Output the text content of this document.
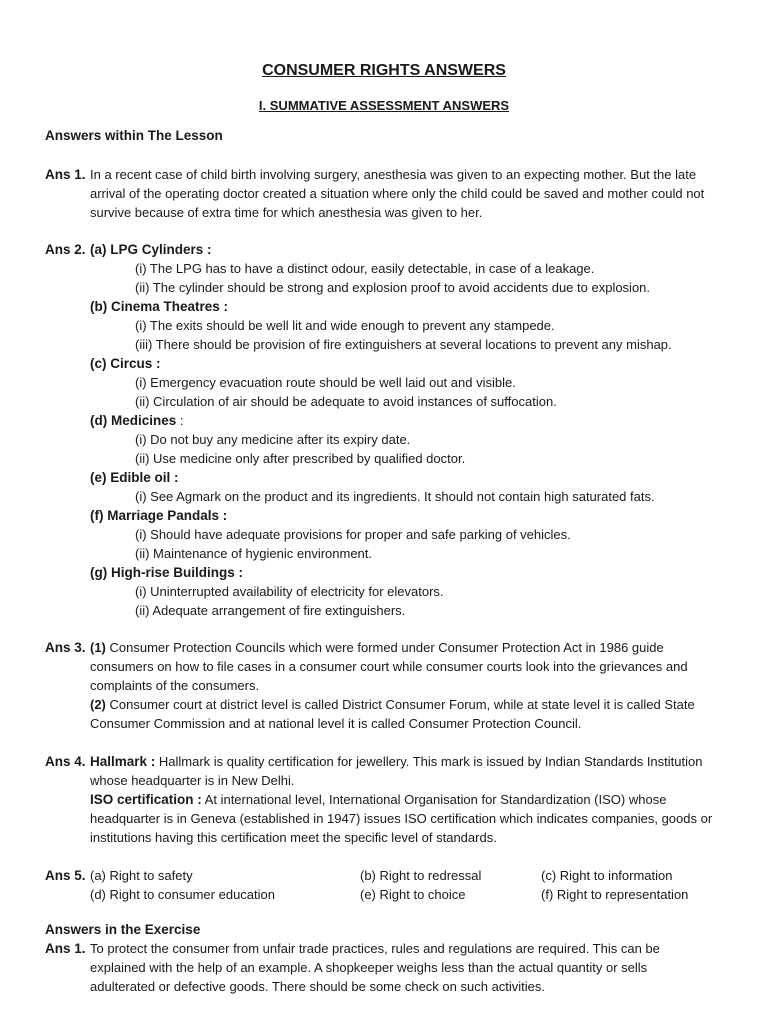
CONSUMER RIGHTS ANSWERS
I. SUMMATIVE ASSESSMENT ANSWERS
Answers within The Lesson
Ans 1. In a recent case of child birth involving surgery, anesthesia was given to an expecting mother. But the late arrival of the operating doctor created a situation where only the child could be saved and mother could not survive because of extra time for which anesthesia was given to her.
Ans 2. (a) LPG Cylinders :
(i) The LPG has to have a distinct odour, easily detectable, in case of a leakage.
(ii) The cylinder should be strong and explosion proof to avoid accidents due to explosion.
(b) Cinema Theatres :
(i) The exits should be well lit and wide enough to prevent any stampede.
(iii) There should be provision of fire extinguishers at several locations to prevent any mishap.
(c) Circus :
(i) Emergency evacuation route should be well laid out and visible.
(ii) Circulation of air should be adequate to avoid instances of suffocation.
(d) Medicines :
(i) Do not buy any medicine after its expiry date.
(ii) Use medicine only after prescribed by qualified doctor.
(e) Edible oil :
(i) See Agmark on the product and its ingredients. It should not contain high saturated fats.
(f) Marriage Pandals :
(i) Should have adequate provisions for proper and safe parking of vehicles.
(ii) Maintenance of hygienic environment.
(g) High-rise Buildings :
(i) Uninterrupted availability of electricity for elevators.
(ii) Adequate arrangement of fire extinguishers.
Ans 3. (1) Consumer Protection Councils which were formed under Consumer Protection Act in 1986 guide consumers on how to file cases in a consumer court while consumer courts look into the grievances and complaints of the consumers.
(2) Consumer court at district level is called District Consumer Forum, while at state level it is called State Consumer Commission and at national level it is called Consumer Protection Council.
Ans 4. Hallmark : Hallmark is quality certification for jewellery. This mark is issued by Indian Standards Institution whose headquarter is in New Delhi.
ISO certification : At international level, International Organisation for Standardization (ISO) whose headquarter is in Geneva (established in 1947) issues ISO certification which indicates companies, goods or institutions having this certification meet the specific level of standards.
Ans 5. (a) Right to safety	(b) Right to redressal	(c) Right to information
(d) Right to consumer education	(e) Right to choice	(f) Right to representation
Answers in the Exercise
Ans 1. To protect the consumer from unfair trade practices, rules and regulations are required. This can be explained with the help of an example. A shopkeeper weighs less than the actual quantity or sells adulterated or defective goods. There should be some check on such activities.
